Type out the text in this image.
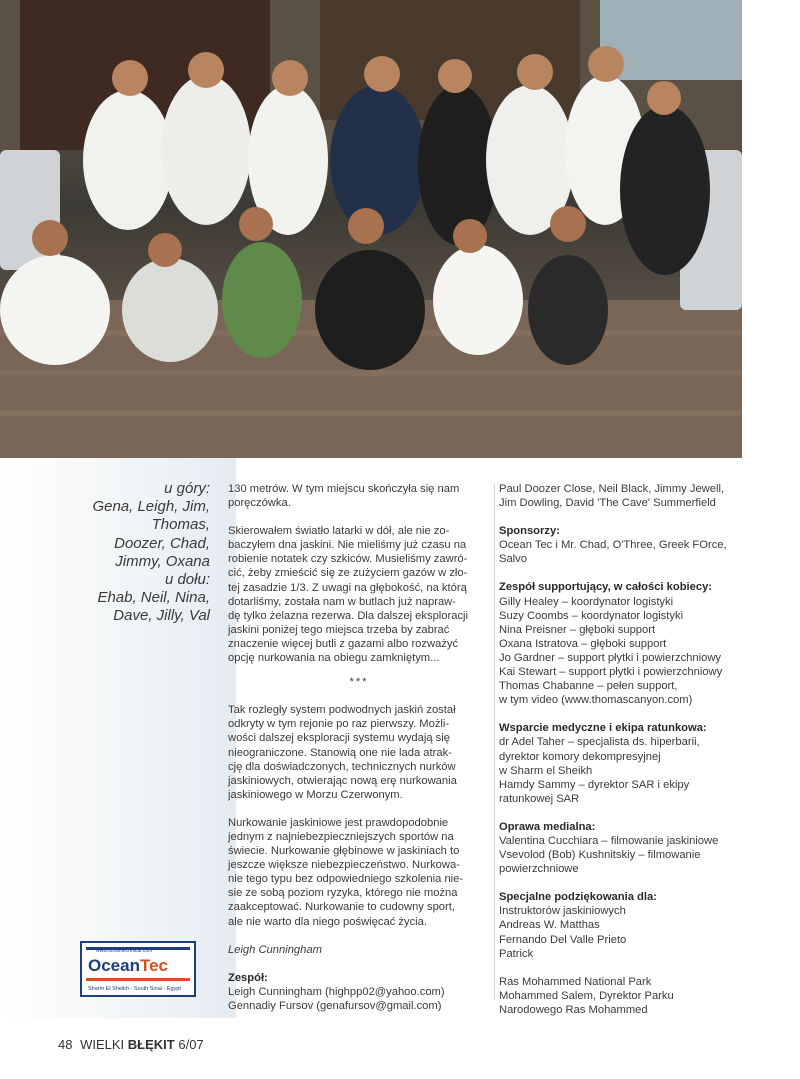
u góry:
Gena, Leigh, Jim,
Thomas,
Doozer, Chad,
Jimmy, Oxana
u dołu:
Ehab, Neil, Nina,
Dave, Jilly, Val

130 metrów. W tym miejscu skończyła się nam

poręczówka.

Skierowałem światło latarki w dół, ale nie zo-

baczyłem dna jaskini. Nie mieliśmy już czasu na

robienie notatek czy szkiców. Musieliśmy zawró-

cić, żeby zmieścić się ze zużyciem gazów w zło-

tej zasadzie 1/3. Z uwagi na głębokość, na którą

dotarliśmy, została nam w butlach już napraw-

dę tylko żelazna rezerwa. Dla dalszej eksploracji

jaskini poniżej tego miejsca trzeba by zabrać

znaczenie więcej butli z gazami albo rozważyć

opcję nurkowania na obiegu zamkniętym...

***

Tak rozległy system podwodnych jaskiń został

odkryty w tym rejonie po raz pierwszy. Możli-

wości dalszej eksploracji systemu wydają się

nieograniczone. Stanowią one nie lada atrak-

cję dla doświadczonych, technicznych nurków

jaskiniowych, otwierając nową erę nurkowania

jaskiniowego w Morzu Czerwonym.

Nurkowanie jaskiniowe jest prawdopodobnie

jednym z najniebezpieczniejszych sportów na

świecie. Nurkowanie głębinowe w jaskiniach to

jeszcze większe niebezpieczeństwo. Nurkowa-

nie tego typu bez odpowiedniego szkolenia nie-

sie ze sobą poziom ryzyka, którego nie można

zaakceptować. Nurkowanie to cudowny sport,

ale nie warto dla niego poświęcać życia.

Leigh Cunningham

Zespół:

Leigh Cunningham (highpp02@yahoo.com)

Gennadiy Fursov (genafursov@gmail.com)

Paul Doozer Close, Neil Black, Jimmy Jewell,

Jim Dowling, David 'The Cave' Summerfield

Sponsorzy:

Ocean Tec i Mr. Chad, O'Three, Greek FOrce,

Salvo

Zespół supportujący, w całości kobiecy:

Gilly Healey – koordynator logistyki

Suzy Coombs – koordynator logistyki

Nina Preisner – głęboki support

Oxana Istratova – głęboki support

Jo Gardner – support płytki i powierzchniowy

Kai Stewart – support płytki i powierzchniowy

Thomas Chabanne – pełen support,

w tym video (www.thomascanyon.com)

Wsparcie medyczne i ekipa ratunkowa:

dr Adel Taher – specjalista ds. hiperbarii,

dyrektor komory dekompresyjnej

w Sharm el Sheikh

Hamdy Sammy – dyrektor SAR i ekipy

ratunkowej SAR

Oprawa medialna:

Valentina Cucchiara – filmowanie jaskiniowe

Vsevolod (Bob) Kushnitskiy – filmowanie

powierzchniowe

Specjalne podziękowania dla:

Instruktorów jaskiniowych

Andreas W. Matthas

Fernando Del Valle Prieto

Patrick

Ras Mohammed National Park

Mohammed Salem, Dyrektor Parku

Narodowego Ras Mohammed

www.oceantechnical.com
OceanTec
Sharm El Sheikh - South Sinai - Egypt
48 WIELKI BŁĘKIT 6/07
